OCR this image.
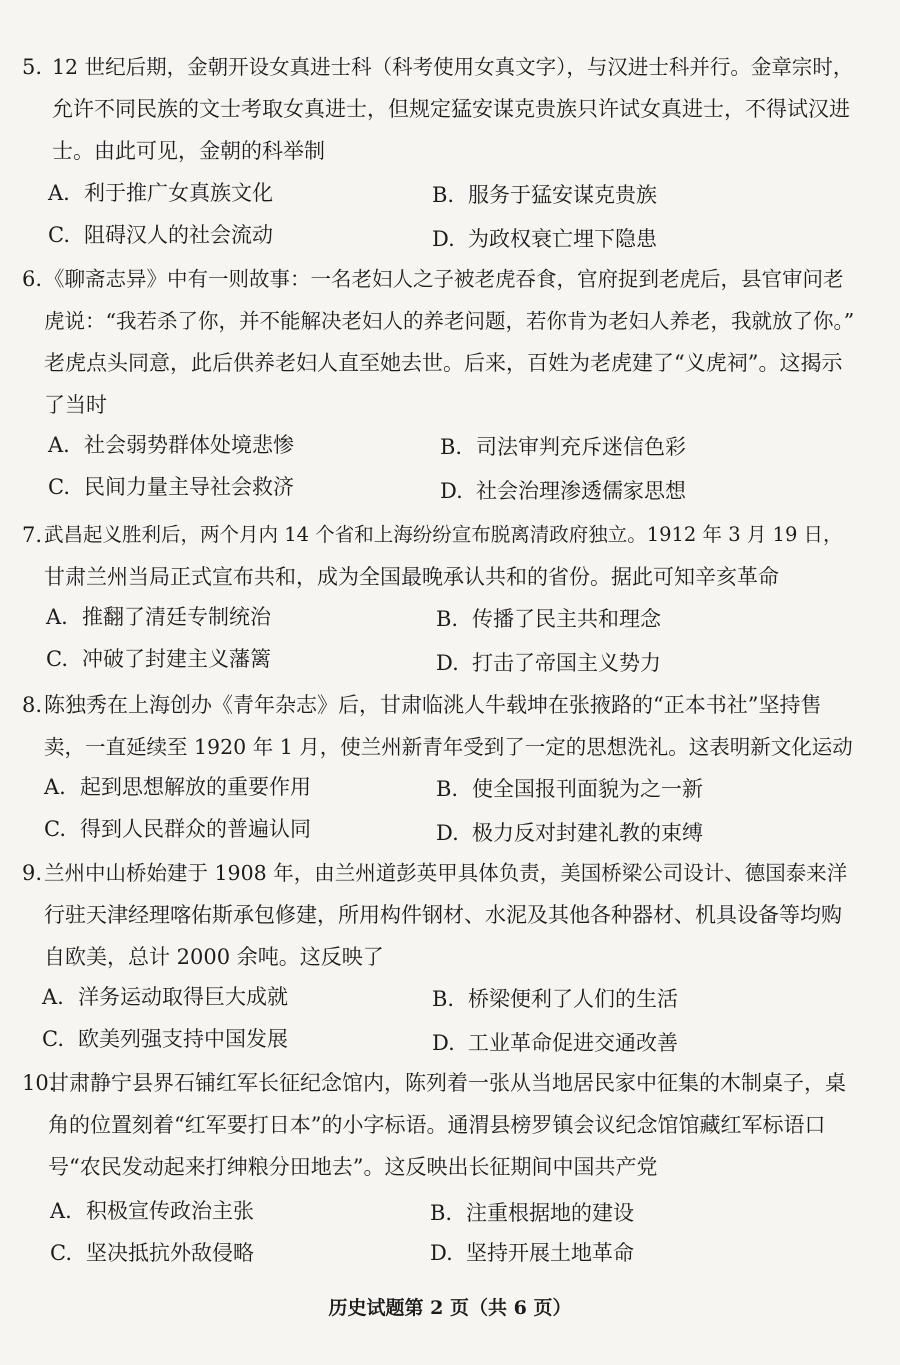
5. 12 世纪后期，金朝开设女真进士科（科考使用女真文字），与汉进士科并行。金章宗时，
允许不同民族的文士考取女真进士，但规定猛安谋克贵族只许试女真进士，不得试汉进
士。由此可见，金朝的科举制
A. 利于推广女真族文化	B. 服务于猛安谋克贵族
C. 阻碍汉人的社会流动	D. 为政权衰亡埋下隐患
6. 《聊斋志异》中有一则故事：一名老妇人之子被老虎吞食，官府捉到老虎后，县官审问老
虎说：“我若杀了你，并不能解决老妇人的养老问题，若你肯为老妇人养老，我就放了你。”
老虎点头同意，此后供养老妇人直至她去世。后来，百姓为老虎建了“义虎祠”。这揭示
了当时
A. 社会弱势群体处境悲惨	B. 司法审判充斥迷信色彩
C. 民间力量主导社会救济	D. 社会治理渗透儒家思想
7. 武昌起义胜利后，两个月内 14 个省和上海纷纷宣布脱离清政府独立。1912 年 3 月 19 日，
甘肃兰州当局正式宣布共和，成为全国最晚承认共和的省份。据此可知辛亥革命
A. 推翻了清廷专制统治	B. 传播了民主共和理念
C. 冲破了封建主义藩篱	D. 打击了帝国主义势力
8. 陈独秀在上海创办《青年杂志》后，甘肃临洮人牛载坤在张掖路的“正本书社”坚持售
卖，一直延续至 1920 年 1 月，使兰州新青年受到了一定的思想洗礼。这表明新文化运动
A. 起到思想解放的重要作用	B. 使全国报刊面貌为之一新
C. 得到人民群众的普遍认同	D. 极力反对封建礼教的束缚
9. 兰州中山桥始建于 1908 年，由兰州道彭英甲具体负责，美国桥梁公司设计、德国泰来洋
行驻天津经理喀佑斯承包修建，所用构件钢材、水泥及其他各种器材、机具设备等均购
自欧美，总计 2000 余吨。这反映了
A. 洋务运动取得巨大成就	B. 桥梁便利了人们的生活
C. 欧美列强支持中国发展	D. 工业革命促进交通改善
10.
甘肃静宁县界石铺红军长征纪念馆内，陈列着一张从当地居民家中征集的木制桌子，桌
角的位置刻着“红军要打日本”的小字标语。通渭县榜罗镇会议纪念馆馆藏红军标语口
号“农民发动起来打绅粮分田地去”。这反映出长征期间中国共产党
A. 积极宣传政治主张	B. 注重根据地的建设
C. 坚决抵抗外敌侵略	D. 坚持开展土地革命
历史试题第 2 页（共 6 页）
